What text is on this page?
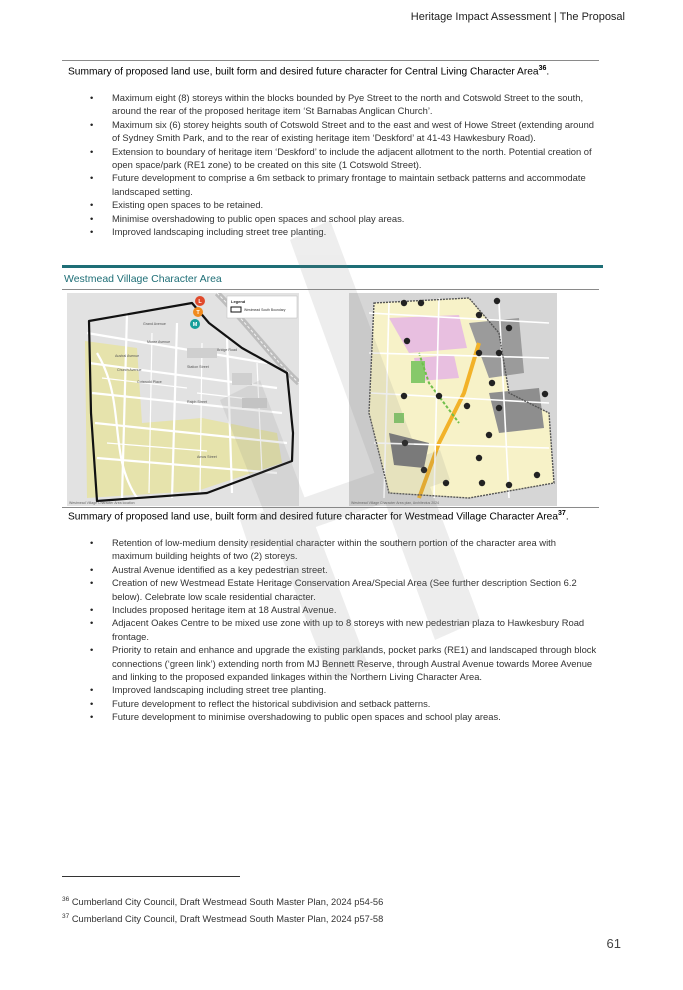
Heritage Impact Assessment | The Proposal
Summary of proposed land use, built form and desired future character for Central Living Character Area$^{36}$.
• Maximum eight (8) storeys within the blocks bounded by Pye Street to the north and Cotswold Street to the south, around the rear of the proposed heritage item ‘St Barnabas Anglican Church’.
• Maximum six (6) storey heights south of Cotswold Street and to the east and west of Howe Street (extending around of Sydney Smith Park, and to the rear of existing heritage item ‘Deskford’ at 41-43 Hawkesbury Road).
• Extension to boundary of heritage item ‘Deskford’ to include the adjacent allotment to the north. Potential creation of open space/park (RE1 zone) to be created on this site (1 Cotswold Street).
• Future development to comprise a 6m setback to primary frontage to maintain setback patterns and accommodate landscaped setting.
• Existing open spaces to be retained.
• Minimise overshadowing to public open spaces and school play areas.
• Improved landscaping including street tree planting.
Westmead Village Character Area
Grand Avenue
Moree Avenue
Austral Avenue
Church Avenue
Cotswold Place
Bridge Road
Station Street
Ralph Street
Amos Street
L
T
M
Legend
Westmead South Boundary
Westmead Village Character Area location	Westmead Village Character Area plan, Architectus 2024
Summary of proposed land use, built form and desired future character for Westmead Village Character Area$^{37}$.
• Retention of low-medium density residential character within the southern portion of the character area with maximum building heights of two (2) storeys.
• Austral Avenue identified as a key pedestrian street.
• Creation of new Westmead Estate Heritage Conservation Area/Special Area (See further description Section 6.2 below). Celebrate low scale residential character.
• Includes proposed heritage item at 18 Austral Avenue.
• Adjacent Oakes Centre to be mixed use zone with up to 8 storeys with new pedestrian plaza to Hawkesbury Road frontage.
• Priority to retain and enhance and upgrade the existing parklands, pocket parks (RE1) and landscaped through block connections (‘green link’) extending north from MJ Bennett Reserve, through Austral Avenue towards Moree Avenue and linking to the proposed expanded linkages within the Northern Living Character Area.
• Improved landscaping including street tree planting.
• Future development to reflect the historical subdivision and setback patterns.
• Future development to minimise overshadowing to public open spaces and school play areas.
$^{36}$ Cumberland City Council, Draft Westmead South Master Plan, 2024 p54-56
$^{37}$ Cumberland City Council, Draft Westmead South Master Plan, 2024 p57-58
61
